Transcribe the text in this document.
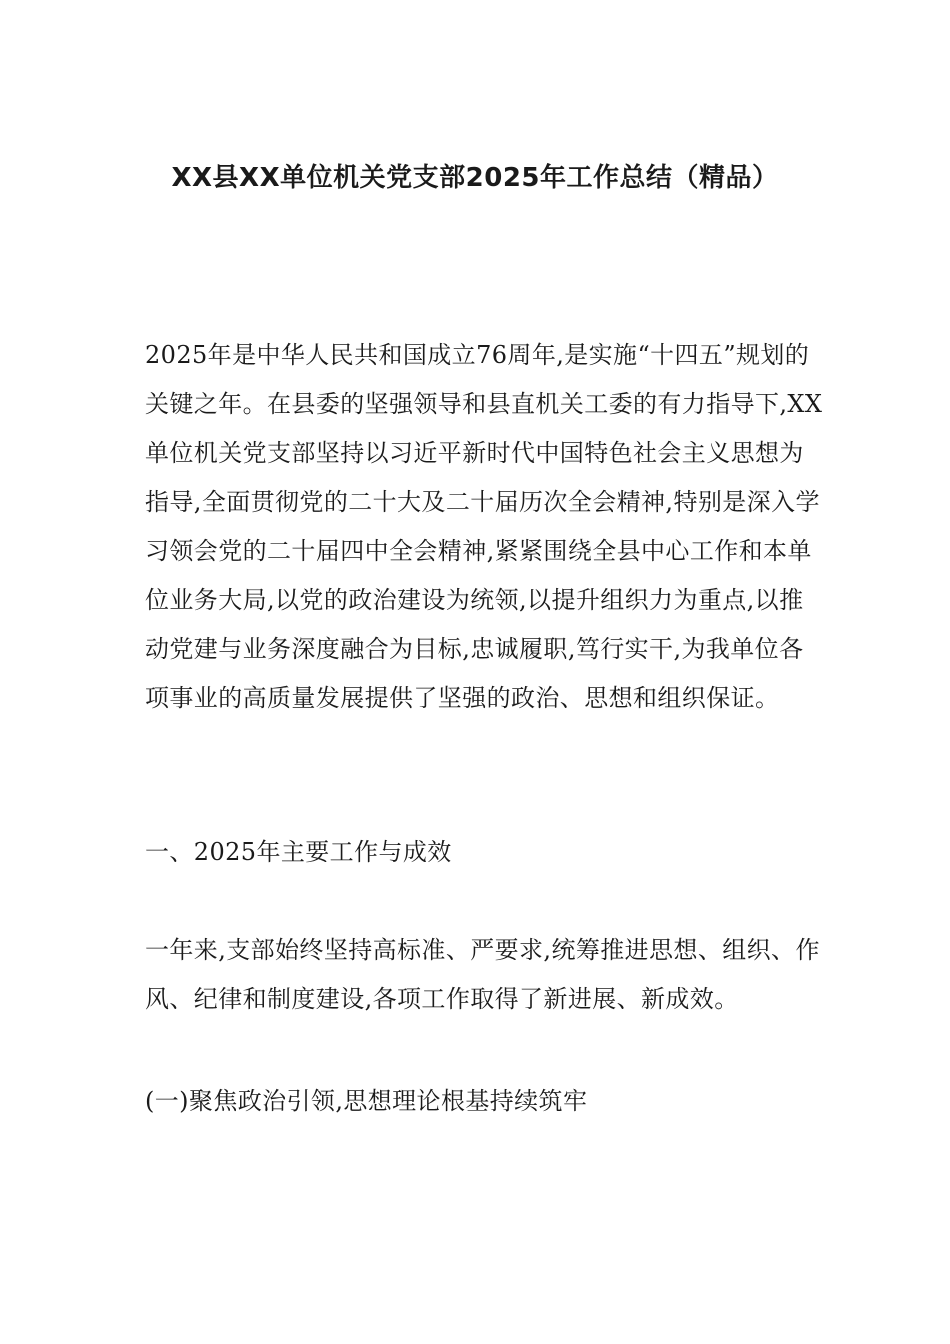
XX县XX单位机关党支部2025年工作总结（精品）

2025年是中华人民共和国成立76周年,是实施“十四五”规划的关键之年。在县委的坚强领导和县直机关工委的有力指导下,XX单位机关党支部坚持以习近平新时代中国特色社会主义思想为指导,全面贯彻党的二十大及二十届历次全会精神,特别是深入学习领会党的二十届四中全会精神,紧紧围绕全县中心工作和本单位业务大局,以党的政治建设为统领,以提升组织力为重点,以推动党建与业务深度融合为目标,忠诚履职,笃行实干,为我单位各项事业的高质量发展提供了坚强的政治、思想和组织保证。

一、2025年主要工作与成效

一年来,支部始终坚持高标准、严要求,统筹推进思想、组织、作风、纪律和制度建设,各项工作取得了新进展、新成效。

(一)聚焦政治引领,思想理论根基持续筑牢
